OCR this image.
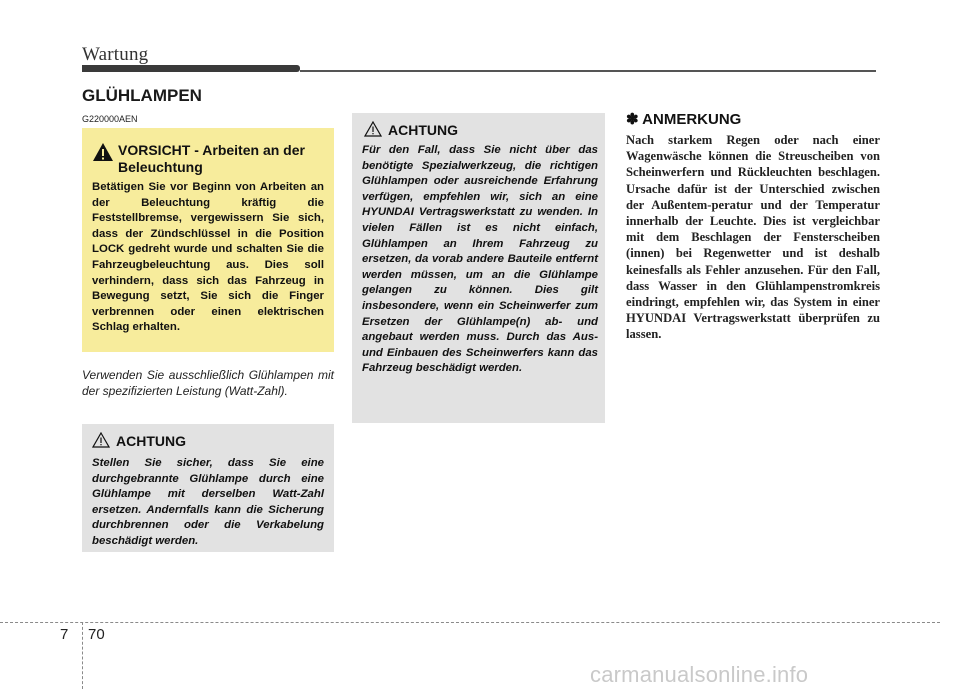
Wartung
GLÜHLAMPEN
G220000AEN
VORSICHT - Arbeiten an der Beleuchtung
Betätigen Sie vor Beginn von Arbeiten an der Beleuchtung kräftig die Feststellbremse, vergewissern Sie sich, dass der Zündschlüssel in die Position LOCK gedreht wurde und schalten Sie die Fahrzeugbeleuchtung aus. Dies soll verhindern, dass sich das Fahrzeug in Bewegung setzt, Sie sich die Finger verbrennen oder einen elektrischen Schlag erhalten.
Verwenden Sie ausschließlich Glühlampen mit der spezifizierten Leistung (Watt-Zahl).
ACHTUNG
Stellen Sie sicher, dass Sie eine durchgebrannte Glühlampe durch eine Glühlampe mit derselben Watt-Zahl ersetzen. Andernfalls kann die Sicherung durchbrennen oder die Verkabelung beschädigt werden.
ACHTUNG
Für den Fall, dass Sie nicht über das benötigte Spezialwerkzeug, die richtigen Glühlampen oder ausreichende Erfahrung verfügen, empfehlen wir, sich an eine HYUNDAI Vertragswerkstatt zu wenden. In vielen Fällen ist es nicht einfach, Glühlampen an Ihrem Fahrzeug zu ersetzen, da vorab andere Bauteile entfernt werden müssen, um an die Glühlampe gelangen zu können. Dies gilt insbesondere, wenn ein Scheinwerfer zum Ersetzen der Glühlampe(n) ab- und angebaut werden muss. Durch das Aus- und Einbauen des Scheinwerfers kann das Fahrzeug beschädigt werden.
✽ ANMERKUNG
Nach starkem Regen oder nach einer Wagenwäsche können die Streuscheiben von Scheinwerfern und Rückleuchten beschlagen. Ursache dafür ist der Unterschied zwischen der Außentem-peratur und der Temperatur innerhalb der Leuchte. Dies ist vergleichbar mit dem Beschlagen der Fensterscheiben (innen) bei Regenwetter und ist deshalb keinesfalls als Fehler anzusehen. Für den Fall, dass Wasser in den Glühlampenstromkreis eindringt, empfehlen wir, das System in einer HYUNDAI Vertragswerkstatt überprüfen zu lassen.
7 70
carmanualsonline.info
